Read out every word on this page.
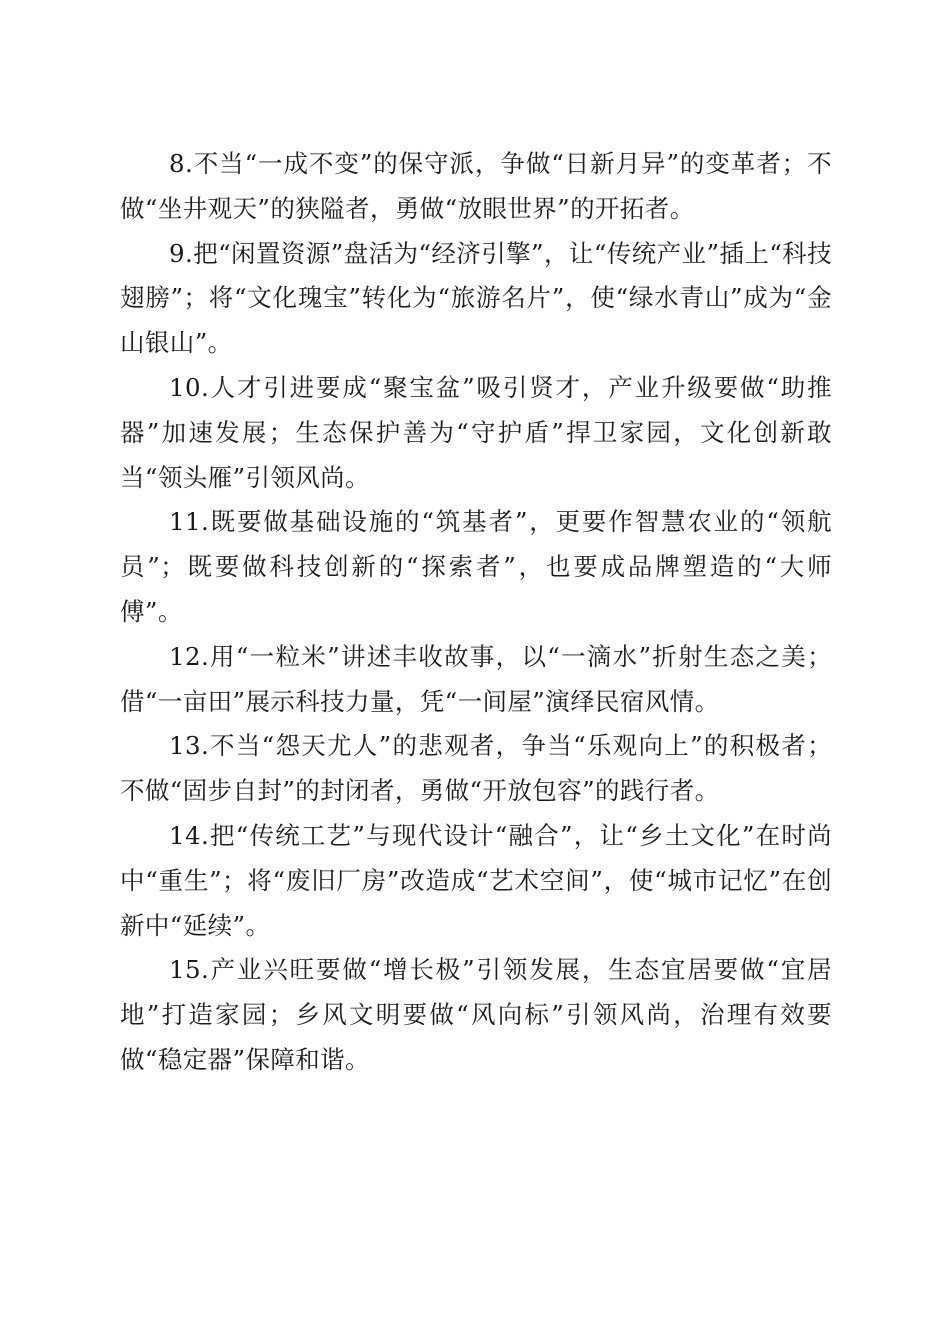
8.不当“一成不变”的保守派，争做“日新月异”的变革者；不做“坐井观天”的狭隘者，勇做“放眼世界”的开拓者。

9.把“闲置资源”盘活为“经济引擎”，让“传统产业”插上“科技翅膀”；将“文化瑰宝”转化为“旅游名片”，使“绿水青山”成为“金山银山”。

10.人才引进要成“聚宝盆”吸引贤才，产业升级要做“助推器”加速发展；生态保护善为“守护盾”捍卫家园，文化创新敢当“领头雁”引领风尚。

11.既要做基础设施的“筑基者”，更要作智慧农业的“领航员”；既要做科技创新的“探索者”，也要成品牌塑造的“大师傅”。

12.用“一粒米”讲述丰收故事，以“一滴水”折射生态之美；借“一亩田”展示科技力量，凭“一间屋”演绎民宿风情。

13.不当“怨天尤人”的悲观者，争当“乐观向上”的积极者；不做“固步自封”的封闭者，勇做“开放包容”的践行者。

14.把“传统工艺”与现代设计“融合”，让“乡土文化”在时尚中“重生”；将“废旧厂房”改造成“艺术空间”，使“城市记忆”在创新中“延续”。

15.产业兴旺要做“增长极”引领发展，生态宜居要做“宜居地”打造家园；乡风文明要做“风向标”引领风尚，治理有效要做“稳定器”保障和谐。
